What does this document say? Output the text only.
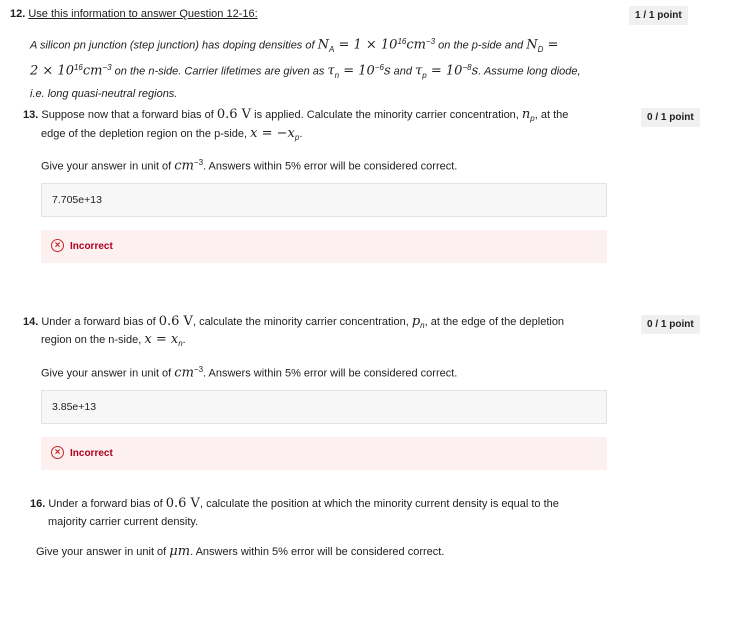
12. Use this information to answer Question 12-16:	1 / 1 point
A silicon pn junction (step junction) has doping densities of $N_A = 1 \times 10^{16}cm^{-3}$ on the p-side and $N_D$ =
$2 \times 10^{16}cm^{-3}$ on the n-side. Carrier lifetimes are given as $\tau_n = 10^{-6}s$ and $\tau_p = 10^{-8}s$. Assume long diode,
i.e. long quasi-neutral regions.
13. Suppose now that a forward bias of 0.6 V is applied. Calculate the minority carrier concentration, $n_p$, at the
edge of the depletion region on the p-side, $x = -x_p$.
0 / 1 point
Give your answer in unit of $cm^{-3}$. Answers within 5% error will be considered correct.
7.705e+13
× Incorrect
14. Under a forward bias of 0.6 V, calculate the minority carrier concentration, $p_n$, at the edge of the depletion
region on the n-side, $x = x_n$.
0 / 1 point
Give your answer in unit of $cm^{-3}$. Answers within 5% error will be considered correct.
3.85e+13
× Incorrect
16. Under a forward bias of 0.6 V, calculate the position at which the minority current density is equal to the
majority carrier current density.
Give your answer in unit of μm. Answers within 5% error will be considered correct.
